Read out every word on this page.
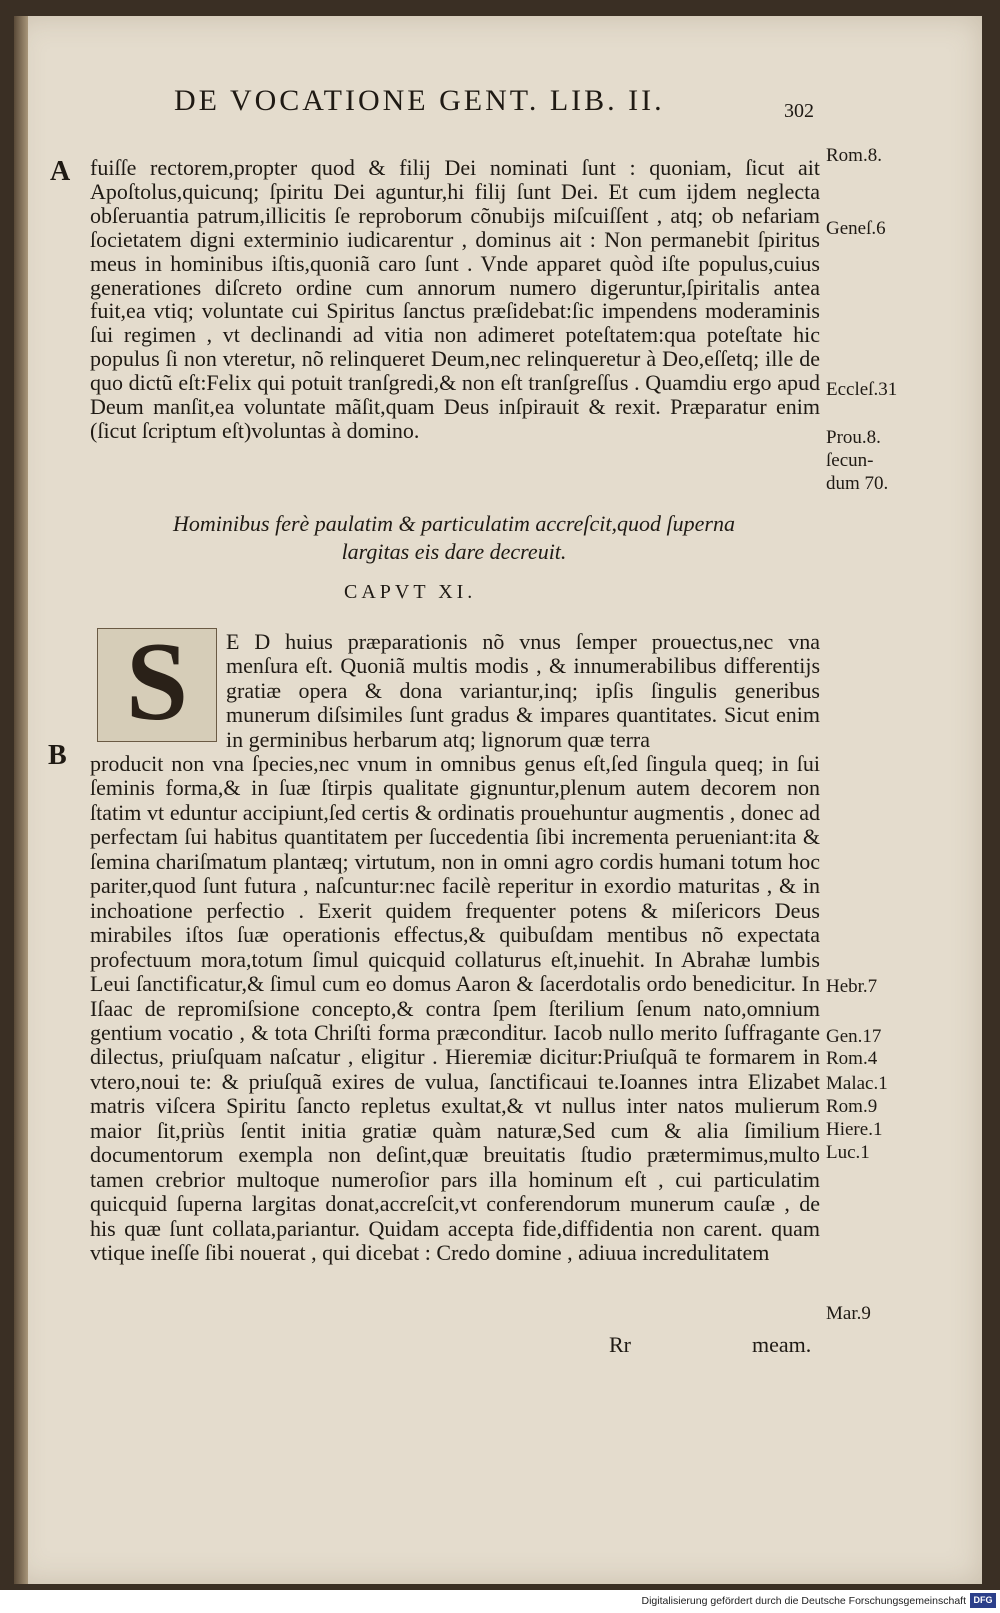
DE VOCATIONE GENT. LIB. II.	302
A fuiſſe rectorem,propter quod & filij Dei nominati ſunt : quoniam, ſicut ait Apoſtolus,quicunq; ſpiritu Dei aguntur,hi filij ſunt Dei. Et cum ijdem neglecta obſeruantia patrum,illicitis ſe reproborum cõnubijs miſcuiſſent , atq; ob nefariam ſocietatem digni exterminio iudicarentur , dominus ait : Non permanebit ſpiritus meus in hominibus iſtis,quoniã caro ſunt . Vnde apparet quòd iſte populus,cuius generationes diſcreto ordine cum annorum numero digeruntur,ſpiritalis antea fuit,ea vtiq; voluntate cui Spiritus ſanctus præſidebat:ſic impendens moderaminis ſui regimen , vt declinandi ad vitia non adimeret poteſtatem:qua poteſtate hic populus ſi non vteretur, nõ relinqueret Deum,nec relinqueretur à Deo,eſſetq; ille de quo dictũ eſt:Felix qui potuit tranſgredi,& non eſt tranſgreſſus . Quamdiu ergo apud Deum manſit,ea voluntate mãſit,quam Deus inſpirauit & rexit. Præparatur enim (ſicut ſcriptum eſt)voluntas à domino.

Hominibus ferè paulatim & particulatim accreſcit,quod ſuperna largitas eis dare decreuit.
CAPVT XI.
S	E D huius præparationis nõ vnus ſemper prouectus,nec vna menſura eſt. Quoniã multis modis , & innumerabilibus differentijs gratiæ opera & dona variantur,inq; ipſis ſingulis generibus munerum diſsimiles ſunt gradus & impares quantitates. Sicut enim in germinibus herbarum atq; lignorum quæ terra

B producit non vna ſpecies,nec vnum in omnibus genus eſt,ſed ſingula queq; in ſui ſeminis forma,& in ſuæ ſtirpis qualitate gignuntur,plenum autem decorem non ſtatim vt eduntur accipiunt,ſed certis & ordinatis prouehuntur augmentis , donec ad perfectam ſui habitus quantitatem per ſuccedentia ſibi incrementa perueniant:ita & ſemina chariſmatum plantæq; virtutum, non in omni agro cordis humani totum hoc pariter,quod ſunt futura , naſcuntur:nec facilè reperitur in exordio maturitas , & in inchoatione perfectio . Exerit quidem frequenter potens & miſericors Deus mirabiles iſtos ſuæ operationis effectus,& quibuſdam mentibus nõ expectata profectuum mora,totum ſimul quicquid collaturus eſt,inuehit. In Abrahæ lumbis Leui ſanctificatur,& ſimul cum eo domus Aaron & ſacerdotalis ordo benedicitur. In Iſaac de repromiſsione concepto,& contra ſpem ſterilium ſenum nato,omnium gentium vocatio , & tota Chriſti forma præconditur. Iacob nullo merito ſuffragante dilectus, priuſquam naſcatur , eligitur . Hieremiæ dicitur:Priuſquã te formarem in vtero,noui te: & priuſquã exires de vulua, ſanctificaui te.Ioannes intra Elizabet matris viſcera Spiritu ſancto repletus exultat,& vt nullus inter natos mulierum maior ſit,priùs ſentit initia gratiæ quàm naturæ,Sed cum & alia ſimilium documentorum exempla non deſint,quæ breuitatis ſtudio prætermimus,multo tamen crebrior multoque numeroſior pars illa hominum eſt , cui particulatim quicquid ſuperna largitas donat,accreſcit,vt conferendorum munerum cauſæ , de his quæ ſunt collata,pariantur. Quidam accepta fide,diffidentia non carent. quam vtique ineſſe ſibi nouerat , qui dicebat : Credo domine , adiuua incredulitatem

Rom.8.
Geneſ.6
Eccleſ.31
Prou.8.
ſecun-
dum 70.
Hebr.7
Gen.17
Rom.4
Malac.1
Rom.9
Hiere.1
Luc.1
Mar.9
Rr	meam.
Digitalisierung gefördert durch die Deutsche Forschungsgemeinschaft DFG
